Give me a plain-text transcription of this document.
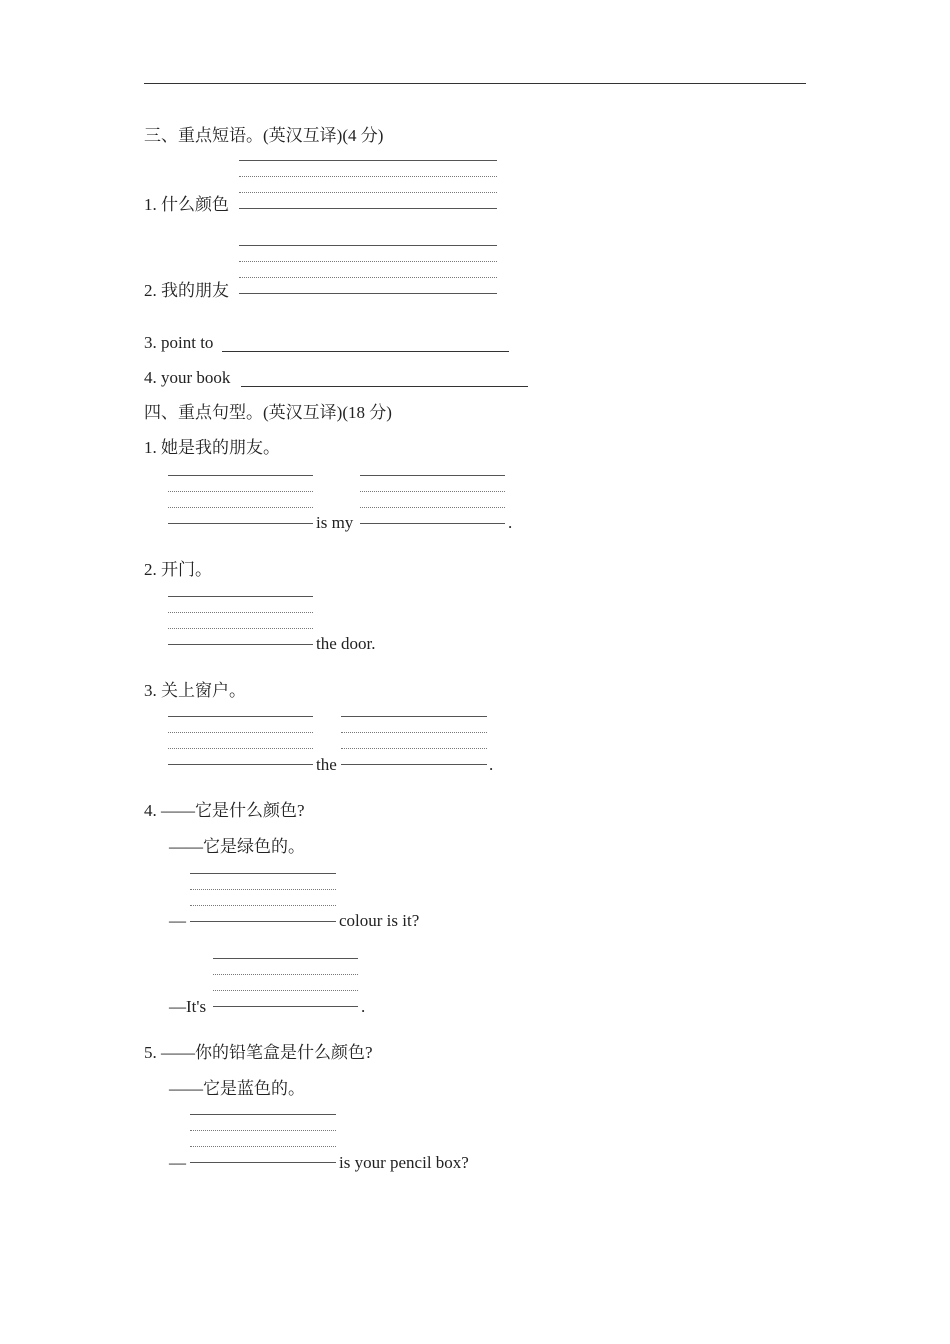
三、重点短语。(英汉互译)(4 分)
1. 什么颜色
2. 我的朋友
3. point to
4. your book
四、重点句型。(英汉互译)(18 分)
1. 她是我的朋友。
is my	.
2. 开门。
the door.
3. 关上窗户。
the	.
4. ——它是什么颜色?
——它是绿色的。
—	colour is it?
—It's	.
5. ——你的铅笔盒是什么颜色?
——它是蓝色的。
—	is your pencil box?
